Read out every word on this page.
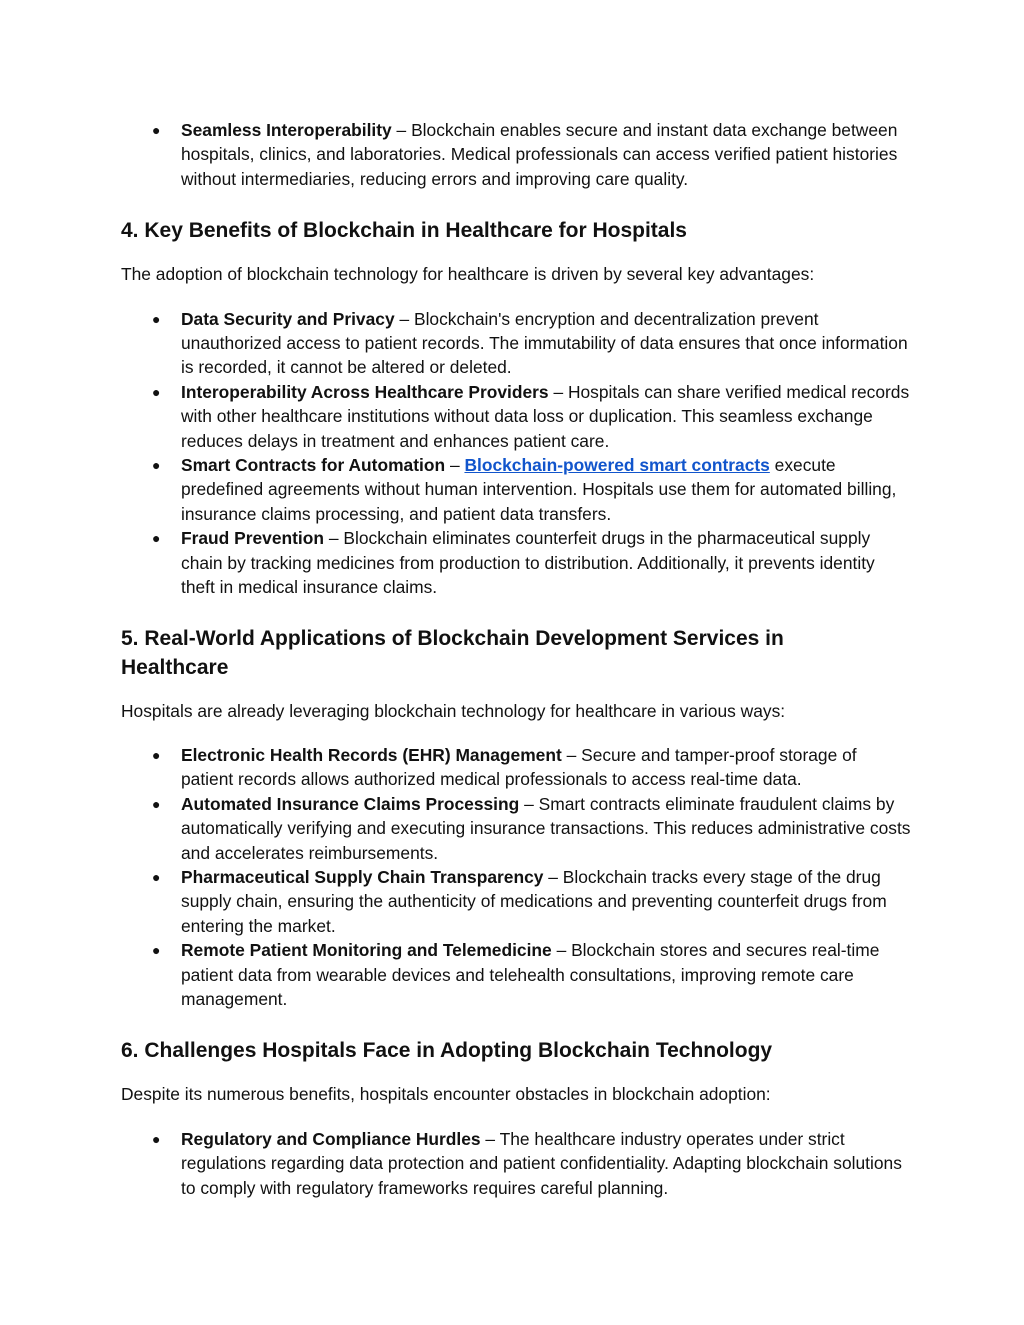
● Seamless Interoperability – Blockchain enables secure and instant data exchange between hospitals, clinics, and laboratories. Medical professionals can access verified patient histories without intermediaries, reducing errors and improving care quality.
4. Key Benefits of Blockchain in Healthcare for Hospitals

The adoption of blockchain technology for healthcare is driven by several key advantages:

● Data Security and Privacy – Blockchain's encryption and decentralization prevent unauthorized access to patient records. The immutability of data ensures that once information is recorded, it cannot be altered or deleted.
● Interoperability Across Healthcare Providers – Hospitals can share verified medical records with other healthcare institutions without data loss or duplication. This seamless exchange reduces delays in treatment and enhances patient care.
● Smart Contracts for Automation – Blockchain-powered smart contracts execute predefined agreements without human intervention. Hospitals use them for automated billing, insurance claims processing, and patient data transfers.
● Fraud Prevention – Blockchain eliminates counterfeit drugs in the pharmaceutical supply chain by tracking medicines from production to distribution. Additionally, it prevents identity theft in medical insurance claims.
5. Real-World Applications of Blockchain Development Services in
Healthcare

Hospitals are already leveraging blockchain technology for healthcare in various ways:

● Electronic Health Records (EHR) Management – Secure and tamper-proof storage of patient records allows authorized medical professionals to access real-time data.
● Automated Insurance Claims Processing – Smart contracts eliminate fraudulent claims by automatically verifying and executing insurance transactions. This reduces administrative costs and accelerates reimbursements.
● Pharmaceutical Supply Chain Transparency – Blockchain tracks every stage of the drug supply chain, ensuring the authenticity of medications and preventing counterfeit drugs from entering the market.
● Remote Patient Monitoring and Telemedicine – Blockchain stores and secures real-time patient data from wearable devices and telehealth consultations, improving remote care management.
6. Challenges Hospitals Face in Adopting Blockchain Technology

Despite its numerous benefits, hospitals encounter obstacles in blockchain adoption:

● Regulatory and Compliance Hurdles – The healthcare industry operates under strict regulations regarding data protection and patient confidentiality. Adapting blockchain solutions to comply with regulatory frameworks requires careful planning.
